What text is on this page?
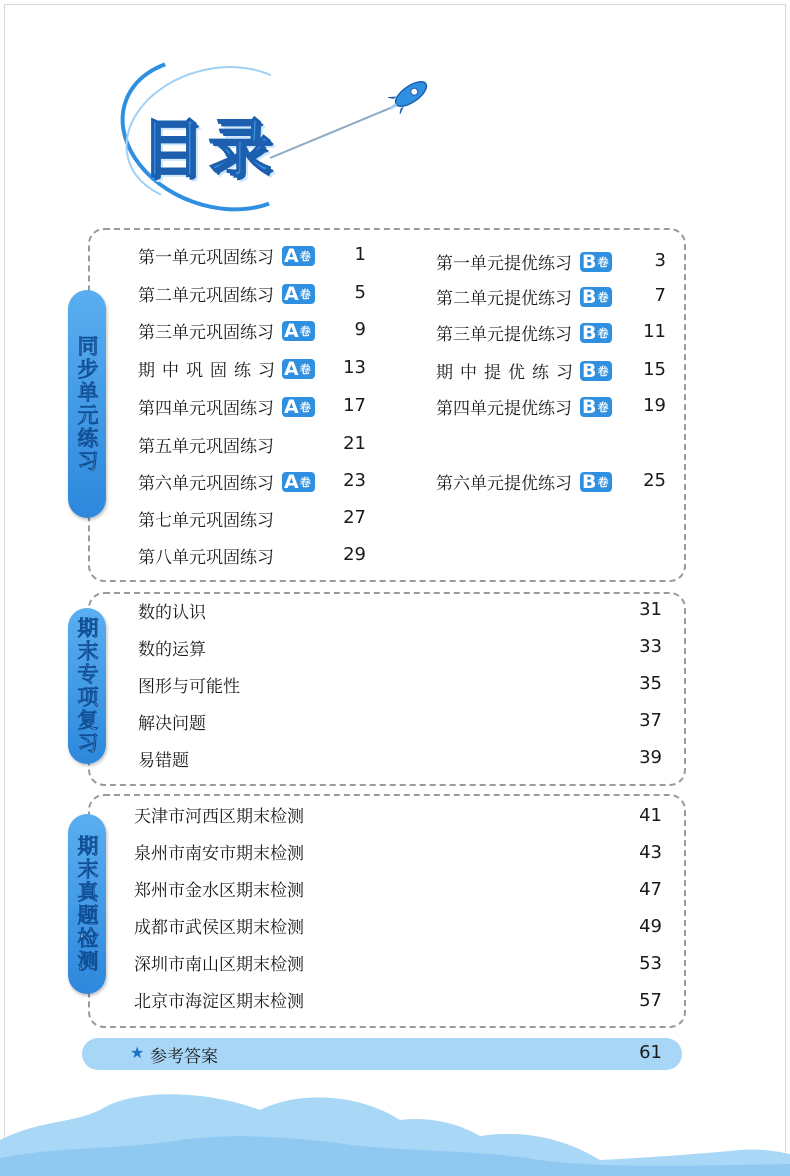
目录
同步单元练习
第一单元巩固练习 A 卷	1
第二单元巩固练习 A 卷	5
第三单元巩固练习 A 卷	9
期中巩固练习 A 卷	13
第四单元巩固练习 A 卷	17
第五单元巩固练习	21
第六单元巩固练习 A 卷	23
第七单元巩固练习	27
第八单元巩固练习	29
第一单元提优练习 B 卷	3
第二单元提优练习 B 卷	7
第三单元提优练习 B 卷	11
期中提优练习 B 卷	15
第四单元提优练习 B 卷	19
第六单元提优练习 B 卷	25
期末专项复习
数的认识	31
数的运算	33
图形与可能性	35
解决问题	37
易错题	39
期末真题检测
天津市河西区期末检测	41
泉州市南安市期末检测	43
郑州市金水区期末检测	47
成都市武侯区期末检测	49
深圳市南山区期末检测	53
北京市海淀区期末检测	57
★ 参考答案	61
